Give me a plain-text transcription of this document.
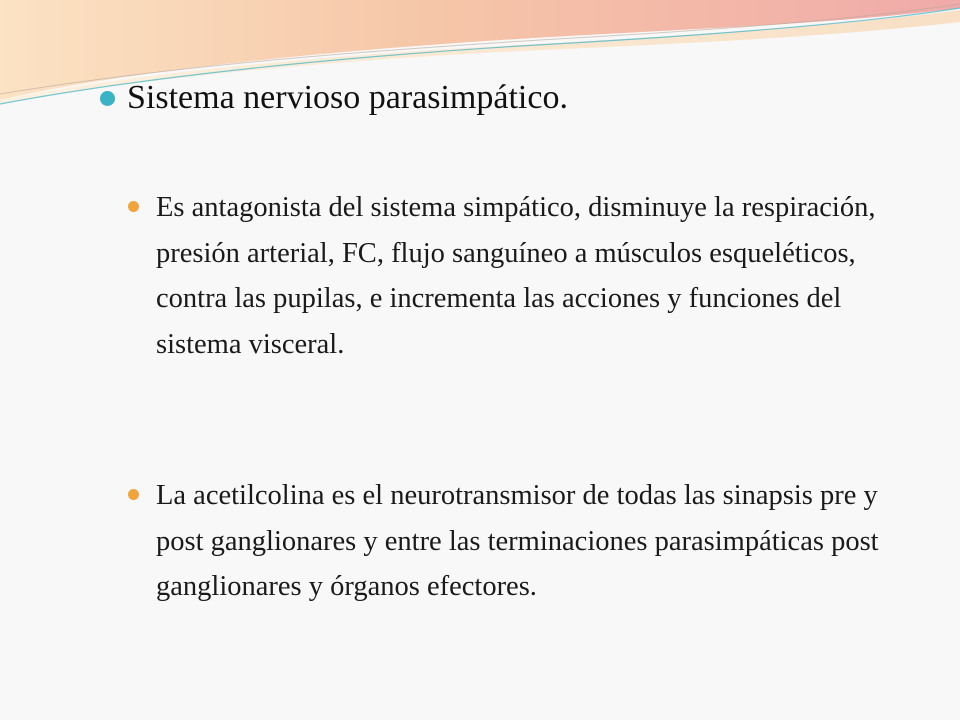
Sistema nervioso parasimpático.
Es antagonista del sistema simpático, disminuye la respiración, presión arterial, FC, flujo sanguíneo a músculos esqueléticos, contra las pupilas, e incrementa las acciones y funciones del sistema visceral.
La acetilcolina es el neurotransmisor de todas las sinapsis pre y post ganglionares y entre las terminaciones parasimpáticas post ganglionares y órganos efectores.
